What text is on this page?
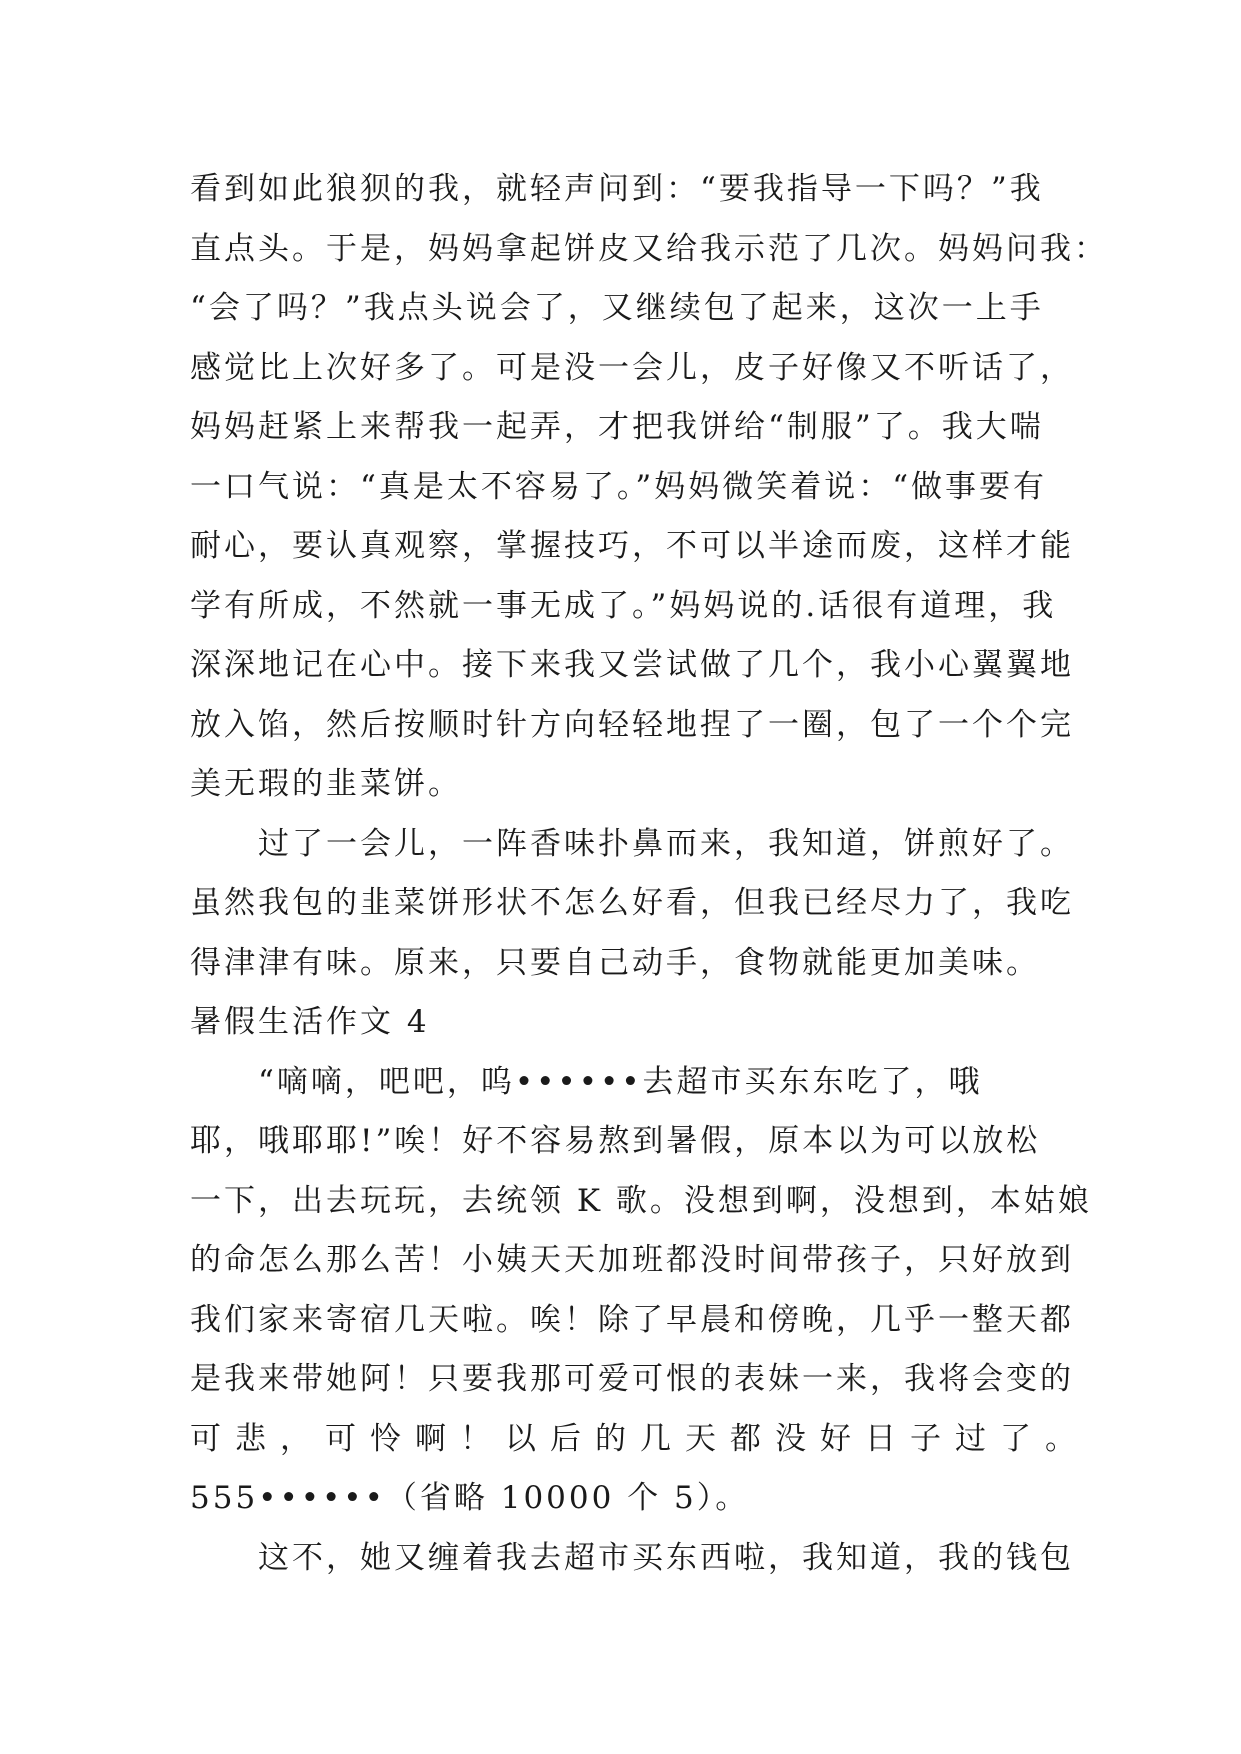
看到如此狼狈的我，就轻声问到：“要我指导一下吗？”我
直点头。于是，妈妈拿起饼皮又给我示范了几次。妈妈问我：
“会了吗？”我点头说会了，又继续包了起来，这次一上手
感觉比上次好多了。可是没一会儿，皮子好像又不听话了，
妈妈赶紧上来帮我一起弄，才把我饼给“制服”了。我大喘
一口气说：“真是太不容易了。”妈妈微笑着说：“做事要有
耐心，要认真观察，掌握技巧，不可以半途而废，这样才能
学有所成，不然就一事无成了。”妈妈说的.话很有道理，我
深深地记在心中。接下来我又尝试做了几个，我小心翼翼地
放入馅，然后按顺时针方向轻轻地捏了一圈，包了一个个完
美无瑕的韭菜饼。
过了一会儿，一阵香味扑鼻而来，我知道，饼煎好了。
虽然我包的韭菜饼形状不怎么好看，但我已经尽力了，我吃
得津津有味。原来，只要自己动手，食物就能更加美味。
暑假生活作文 4
“嘀嘀，吧吧，呜••••••去超市买东东吃了，哦
耶，哦耶耶!”唉！好不容易熬到暑假，原本以为可以放松
一下，出去玩玩，去统领 K 歌。没想到啊，没想到，本姑娘
的命怎么那么苦！小姨天天加班都没时间带孩子，只好放到
我们家来寄宿几天啦。唉！除了早晨和傍晚，几乎一整天都
是我来带她阿！只要我那可爱可恨的表妹一来，我将会变的
可悲，可怜啊！以后的几天都没好日子过了。
555••••••（省略 10000 个 5）。
这不，她又缠着我去超市买东西啦，我知道，我的钱包
